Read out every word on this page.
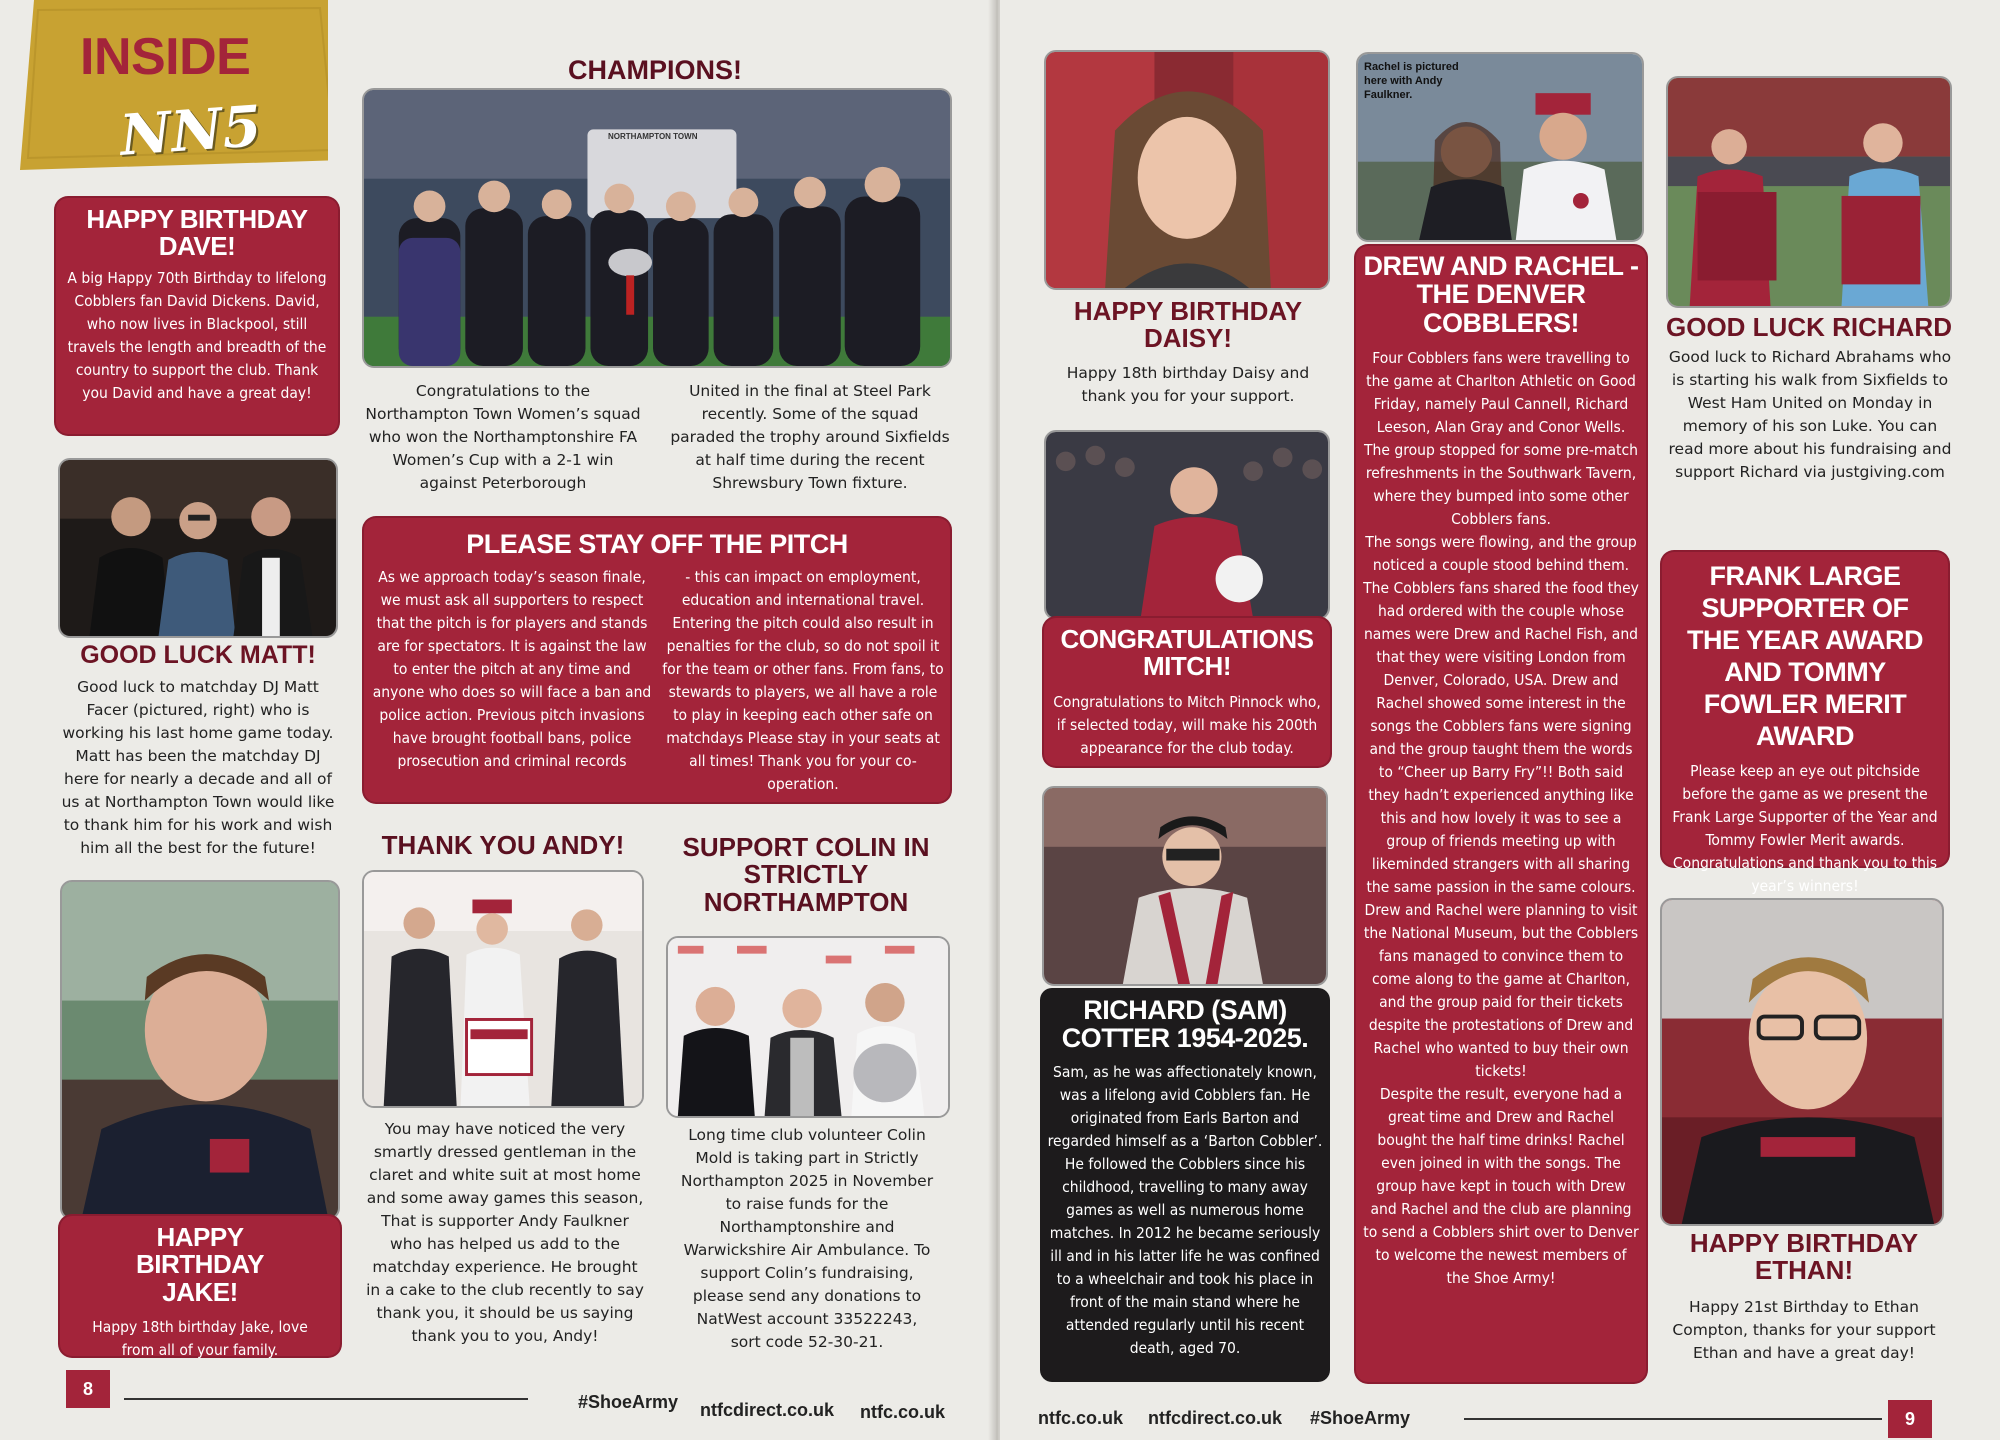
INSIDE
NN5
HAPPY BIRTHDAY DAVE!
A big Happy 70th Birthday to lifelong Cobblers fan David Dickens. David, who now lives in Blackpool, still travels the length and breadth of the country to support the club. Thank you David and have a great day!
GOOD LUCK MATT!
Good luck to matchday DJ Matt Facer (pictured, right) who is working his last home game today. Matt has been the matchday DJ here for nearly a decade and all of us at Northampton Town would like to thank him for his work and wish him all the best for the future!
HAPPY BIRTHDAY JAKE!
Happy 18th birthday Jake, love from all of your family.
CHAMPIONS!
NORTHAMPTON TOWN
Congratulations to the Northampton Town Women’s squad who won the Northamptonshire FA Women’s Cup with a 2-1 win against Peterborough
United in the final at Steel Park recently. Some of the squad paraded the trophy around Sixfields at half time during the recent Shrewsbury Town fixture.
PLEASE STAY OFF THE PITCH
As we approach today’s season finale, we must ask all supporters to respect that the pitch is for players and stands are for spectators. It is against the law to enter the pitch at any time and anyone who does so will face a ban and police action. Previous pitch invasions have brought football bans, police prosecution and criminal records
- this can impact on employment, education and international travel. Entering the pitch could also result in penalties for the club, so do not spoil it for the team or other fans. From fans, to stewards to players, we all have a role to play in keeping each other safe on matchdays Please stay in your seats at all times! Thank you for your co-operation.
THANK YOU ANDY!
You may have noticed the very smartly dressed gentleman in the claret and white suit at most home and some away games this season, That is supporter Andy Faulkner who has helped us add to the matchday experience. He brought in a cake to the club recently to say thank you, it should be us saying thank you to you, Andy!
SUPPORT COLIN IN STRICTLY NORTHAMPTON
Long time club volunteer Colin Mold is taking part in Strictly Northampton 2025 in November to raise funds for the Northamptonshire and Warwickshire Air Ambulance. To support Colin’s fundraising, please send any donations to NatWest account 33522243, sort code 52-30-21.
8
#ShoeArmy ntfcdirect.co.uk ntfc.co.uk
HAPPY BIRTHDAY DAISY!
Happy 18th birthday Daisy and thank you for your support.
CONGRATULATIONS MITCH!
Congratulations to Mitch Pinnock who, if selected today, will make his 200th appearance for the club today.
RICHARD (SAM) COTTER 1954-2025.
Sam, as he was affectionately known, was a lifelong avid Cobblers fan. He originated from Earls Barton and regarded himself as a ‘Barton Cobbler’. He followed the Cobblers since his childhood, travelling to many away games as well as numerous home matches. In 2012 he became seriously ill and in his latter life he was confined to a wheelchair and took his place in front of the main stand where he attended regularly until his recent death, aged 70.
Rachel is pictured here with Andy Faulkner.
DREW AND RACHEL - THE DENVER COBBLERS!

Four Cobblers fans were travelling to the game at Charlton Athletic on Good Friday, namely Paul Cannell, Richard Leeson, Alan Gray and Conor Wells.

The group stopped for some pre-match refreshments in the Southwark Tavern, where they bumped into some other Cobblers fans.

The songs were flowing, and the group noticed a couple stood behind them. The Cobblers fans shared the food they had ordered with the couple whose names were Drew and Rachel Fish, and that they were visiting London from Denver, Colorado, USA. Drew and Rachel showed some interest in the songs the Cobblers fans were signing and the group taught them the words to “Cheer up Barry Fry”!! Both said they hadn’t experienced anything like this and how lovely it was to see a group of friends meeting up with likeminded strangers with all sharing the same passion in the same colours.

Drew and Rachel were planning to visit the National Museum, but the Cobblers fans managed to convince them to come along to the game at Charlton, and the group paid for their tickets despite the protestations of Drew and Rachel who wanted to buy their own tickets!

Despite the result, everyone had a great time and Drew and Rachel bought the half time drinks! Rachel even joined in with the songs. The group have kept in touch with Drew and Rachel and the club are planning to send a Cobblers shirt over to Denver to welcome the newest members of the Shoe Army!

GOOD LUCK RICHARD
Good luck to Richard Abrahams who is starting his walk from Sixfields to West Ham United on Monday in memory of his son Luke. You can read more about his fundraising and support Richard via justgiving.com
FRANK LARGE SUPPORTER OF THE YEAR AWARD AND TOMMY FOWLER MERIT AWARD
Please keep an eye out pitchside before the game as we present the Frank Large Supporter of the Year and Tommy Fowler Merit awards. Congratulations and thank you to this year’s winners!
HAPPY BIRTHDAY ETHAN!
Happy 21st Birthday to Ethan Compton, thanks for your support Ethan and have a great day!
ntfc.co.uk ntfcdirect.co.uk #ShoeArmy	9
